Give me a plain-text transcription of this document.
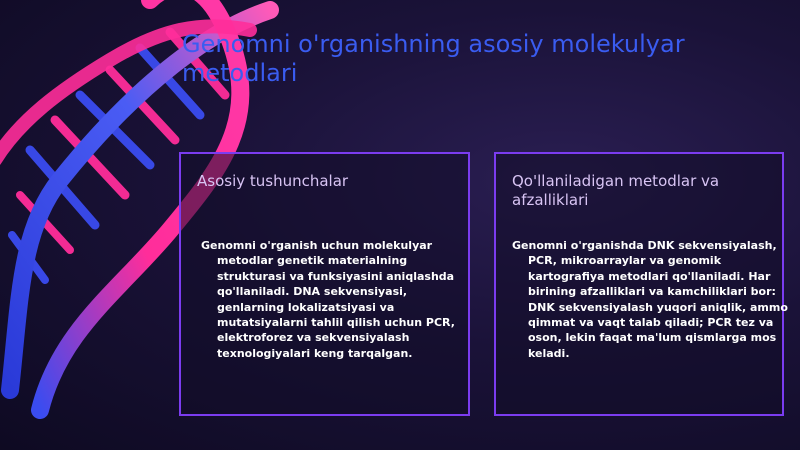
Genomni o'rganishning asosiy molekulyar metodlari
Asosiy tushunchalar

Genomni o'rganish uchun molekulyar metodlar genetik materialning strukturasi va funksiyasini aniqlashda qo'llaniladi. DNA sekvensiyasi, genlarning lokalizatsiyasi va mutatsiyalarni tahlil qilish uchun PCR, elektroforez va sekvensiyalash texnologiyalari keng tarqalgan.

Qo'llaniladigan metodlar va afzalliklari

Genomni o'rganishda DNK sekvensiyalash, PCR, mikroarraylar va genomik kartografiya metodlari qo'llaniladi. Har birining afzalliklari va kamchiliklari bor: DNK sekvensiyalash yuqori aniqlik, ammo qimmat va vaqt talab qiladi; PCR tez va oson, lekin faqat ma'lum qismlarga mos keladi.
